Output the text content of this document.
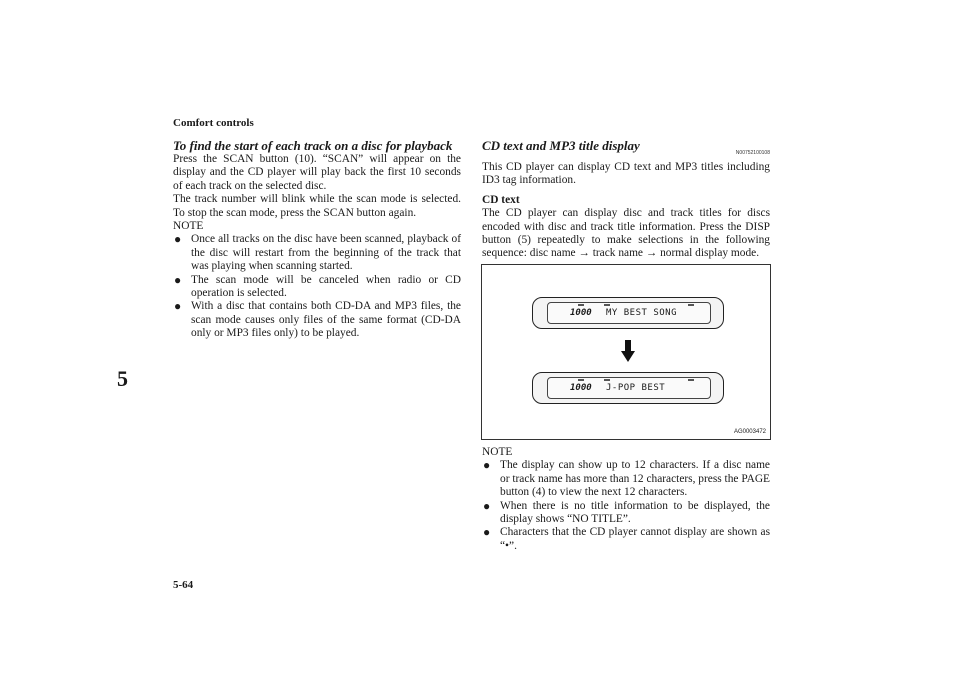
Comfort controls
5
5-64

To find the start of each track on a disc for playback

Press the SCAN button (10). “SCAN” will appear on the display and the CD player will play back the first 10 seconds of each track on the selected disc.

The track number will blink while the scan mode is selected. To stop the scan mode, press the SCAN button again.

NOTE

● Once all tracks on the disc have been scanned, playback of the disc will restart from the beginning of the track that was playing when scanning started.
● The scan mode will be canceled when radio or CD operation is selected.
● With a disc that contains both CD-DA and MP3 files, the scan mode causes only files of the same format (CD-DA only or MP3 files only) to be played.

CD text and MP3 title display	N00752100108

This CD player can display CD text and MP3 titles including ID3 tag information.

CD text

The CD player can display disc and track titles for discs encoded with disc and track title information. Press the DISP button (5) repeatedly to make selections in the following sequence: disc name → track name → normal display mode.

1000 MY BEST SONG
1000 J-POP BEST
AG0003472

NOTE

● The display can show up to 12 characters. If a disc name or track name has more than 12 characters, press the PAGE button (4) to view the next 12 characters.
● When there is no title information to be displayed, the display shows “NO TITLE”.
● Characters that the CD player cannot display are shown as “•”.
